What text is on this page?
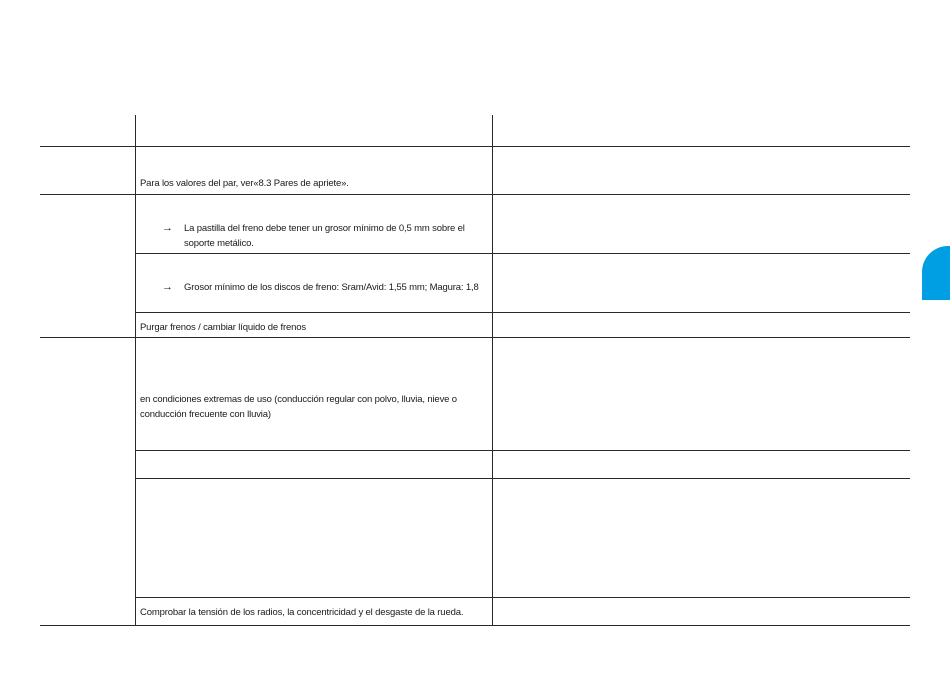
Para los valores del par, ver«8.3 Pares de apriete».
→ La pastilla del freno debe tener un grosor mínimo de 0,5 mm sobre el
soporte metálico.
→ Grosor mínimo de los discos de freno: Sram/Avid: 1,55 mm; Magura: 1,8
Purgar frenos / cambiar líquido de frenos
en condiciones extremas de uso (conducción regular con polvo, lluvia, nieve o
conducción frecuente con lluvia)
Comprobar la tensión de los radios, la concentricidad y el desgaste de la rueda.
